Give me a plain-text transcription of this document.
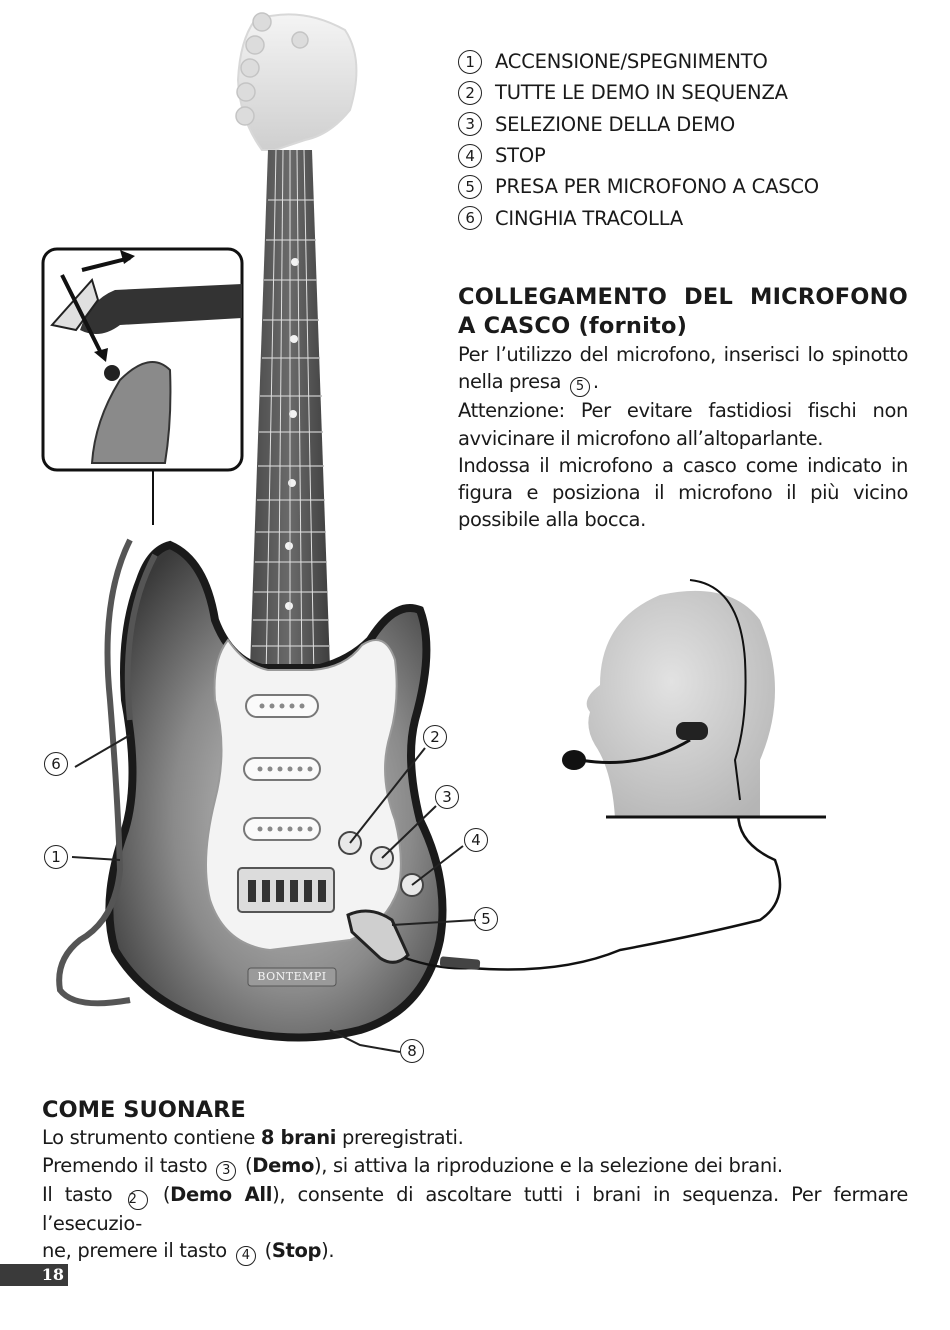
6
1
2
3
4
5
8
BONTEMPI
1	ACCENSIONE/SPEGNIMENTO
2	TUTTE LE DEMO IN SEQUENZA
3	SELEZIONE DELLA DEMO
4	STOP
5	PRESA PER MICROFONO A CASCO
6	CINGHIA TRACOLLA
COLLEGAMENTO DEL MICROFONO
A CASCO (fornito)

Per l’utilizzo del microfono, inserisci lo spinotto nella presa 5 .

Attenzione: Per evitare fastidiosi fischi non avvicinare il microfono all’altoparlante.

Indossa il microfono a casco come indicato in figura e posiziona il microfono il più vicino possibile alla bocca.

COME SUONARE

Lo strumento contiene 8 brani preregistrati.

Premendo il tasto 3 (Demo), si attiva la riproduzione e la selezione dei brani.

Il tasto 2 (Demo All), consente di ascoltare tutti i brani in sequenza. Per fermare l’esecuzio-

ne, premere il tasto 4 (Stop).

18
